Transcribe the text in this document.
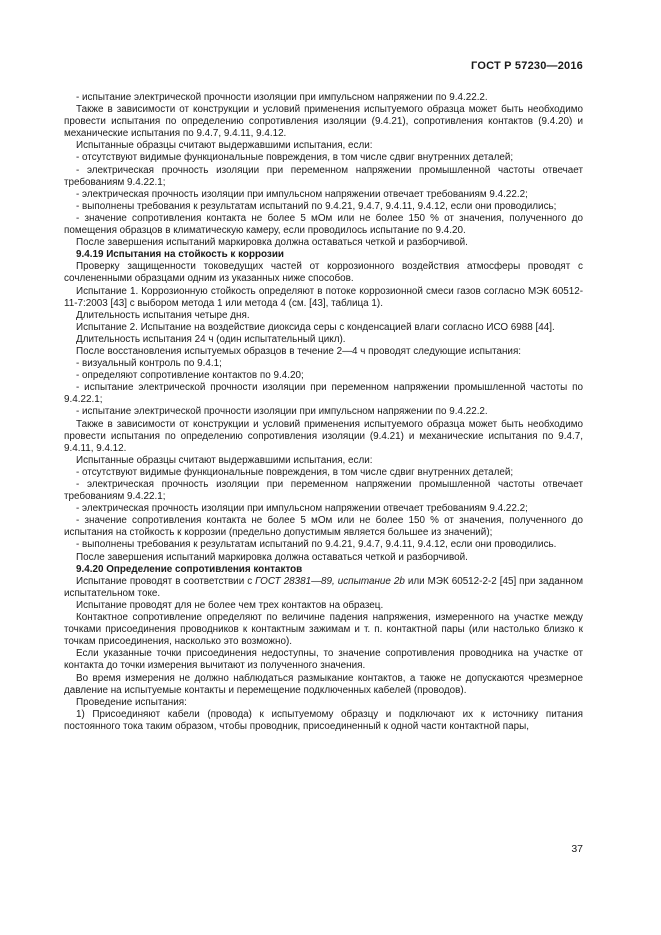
ГОСТ Р 57230—2016

- испытание электрической прочности изоляции при импульсном напряжении по 9.4.22.2.

Также в зависимости от конструкции и условий применения испытуемого образца может быть необходимо провести испытания по определению сопротивления изоляции (9.4.21), сопротивления контактов (9.4.20) и механические испытания по 9.4.7, 9.4.11, 9.4.12.

Испытанные образцы считают выдержавшими испытания, если:

- отсутствуют видимые функциональные повреждения, в том числе сдвиг внутренних деталей;

- электрическая прочность изоляции при переменном напряжении промышленной частоты отвечает требованиям 9.4.22.1;

- электрическая прочность изоляции при импульсном напряжении отвечает требованиям 9.4.22.2;

- выполнены требования к результатам испытаний по 9.4.21, 9.4.7, 9.4.11, 9.4.12, если они проводились;

- значение сопротивления контакта не более 5 мОм или не более 150 % от значения, полученного до помещения образцов в климатическую камеру, если проводилось испытание по 9.4.20.

После завершения испытаний маркировка должна оставаться четкой и разборчивой.

9.4.19 Испытания на стойкость к коррозии

Проверку защищенности токоведущих частей от коррозионного воздействия атмосферы проводят с сочлененными образцами одним из указанных ниже способов.

Испытание 1. Коррозионную стойкость определяют в потоке коррозионной смеси газов согласно МЭК 60512-11-7:2003 [43] с выбором метода 1 или метода 4 (см. [43], таблица 1).

Длительность испытания четыре дня.

Испытание 2. Испытание на воздействие диоксида серы с конденсацией влаги согласно ИСО 6988 [44].

Длительность испытания 24 ч (один испытательный цикл).

После восстановления испытуемых образцов в течение 2—4 ч проводят следующие испытания:

- визуальный контроль по 9.4.1;

- определяют сопротивление контактов по 9.4.20;

- испытание электрической прочности изоляции при переменном напряжении промышленной частоты по 9.4.22.1;

- испытание электрической прочности изоляции при импульсном напряжении по 9.4.22.2.

Также в зависимости от конструкции и условий применения испытуемого образца может быть необходимо провести испытания по определению сопротивления изоляции (9.4.21) и механические испытания по 9.4.7, 9.4.11, 9.4.12.

Испытанные образцы считают выдержавшими испытания, если:

- отсутствуют видимые функциональные повреждения, в том числе сдвиг внутренних деталей;

- электрическая прочность изоляции при переменном напряжении промышленной частоты отвечает требованиям 9.4.22.1;

- электрическая прочность изоляции при импульсном напряжении отвечает требованиям 9.4.22.2;

- значение сопротивления контакта не более 5 мОм или не более 150 % от значения, полученного до испытания на стойкость к коррозии (предельно допустимым является большее из значений);

- выполнены требования к результатам испытаний по 9.4.21, 9.4.7, 9.4.11, 9.4.12, если они проводились.

После завершения испытаний маркировка должна оставаться четкой и разборчивой.

9.4.20 Определение сопротивления контактов

Испытание проводят в соответствии с ГОСТ 28381—89, испытание 2b или МЭК 60512-2-2 [45] при заданном испытательном токе.

Испытание проводят для не более чем трех контактов на образец.

Контактное сопротивление определяют по величине падения напряжения, измеренного на участке между точками присоединения проводников к контактным зажимам и т. п. контактной пары (или настолько близко к точкам присоединения, насколько это возможно).

Если указанные точки присоединения недоступны, то значение сопротивления проводника на участке от контакта до точки измерения вычитают из полученного значения.

Во время измерения не должно наблюдаться размыкание контактов, а также не допускаются чрезмерное давление на испытуемые контакты и перемещение подключенных кабелей (проводов).

Проведение испытания:

1) Присоединяют кабели (провода) к испытуемому образцу и подключают их к источнику питания постоянного тока таким образом, чтобы проводник, присоединенный к одной части контактной пары,

37
